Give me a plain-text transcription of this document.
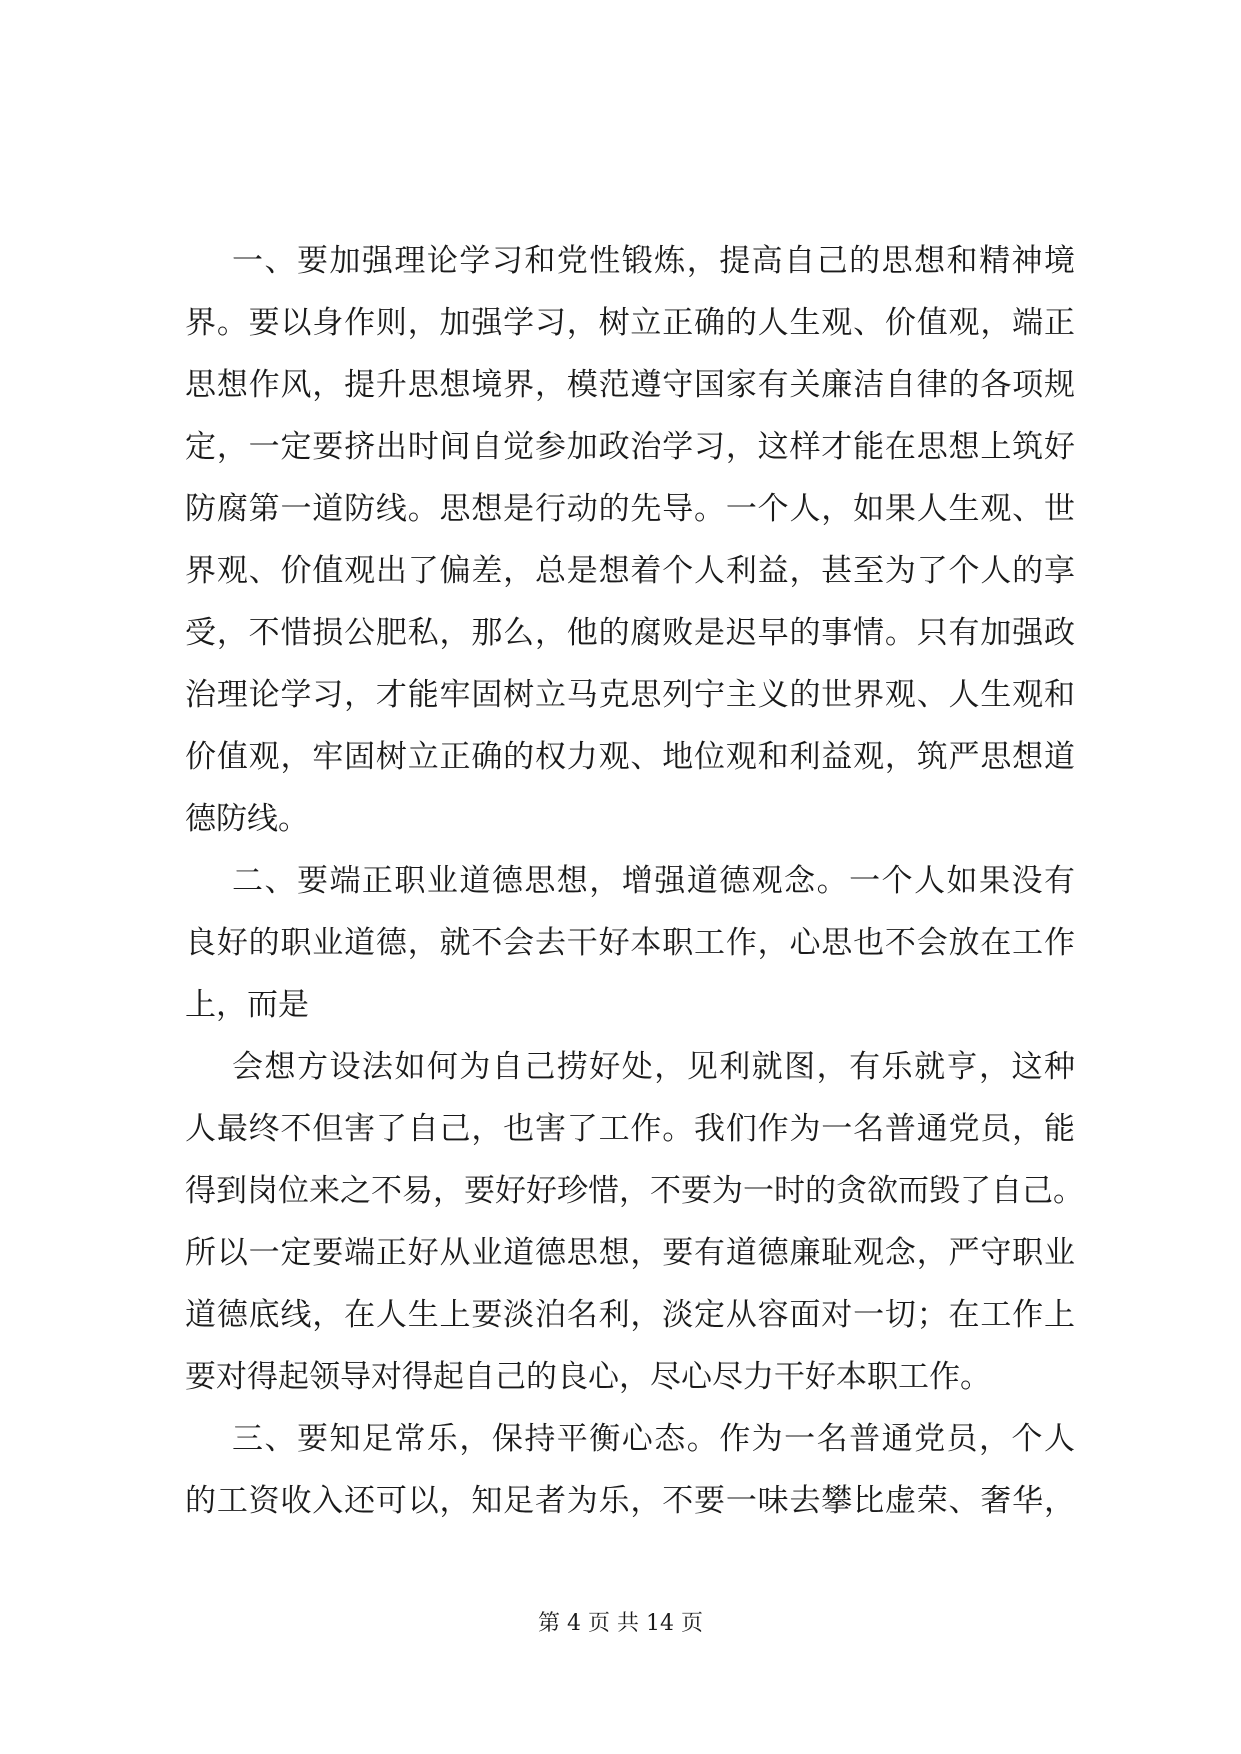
一、要加强理论学习和党性锻炼，提高自己的思想和精神境
界。要以身作则，加强学习，树立正确的人生观、价值观，端正
思想作风，提升思想境界，模范遵守国家有关廉洁自律的各项规
定，一定要挤出时间自觉参加政治学习，这样才能在思想上筑好
防腐第一道防线。思想是行动的先导。一个人，如果人生观、世
界观、价值观出了偏差，总是想着个人利益，甚至为了个人的享
受，不惜损公肥私，那么，他的腐败是迟早的事情。只有加强政
治理论学习，才能牢固树立马克思列宁主义的世界观、人生观和
价值观，牢固树立正确的权力观、地位观和利益观，筑严思想道
德防线。
二、要端正职业道德思想，增强道德观念。一个人如果没有
良好的职业道德，就不会去干好本职工作，心思也不会放在工作
上，而是
会想方设法如何为自己捞好处，见利就图，有乐就亨，这种
人最终不但害了自己，也害了工作。我们作为一名普通党员，能
得到岗位来之不易，要好好珍惜，不要为一时的贪欲而毁了自己。
所以一定要端正好从业道德思想，要有道德廉耻观念，严守职业
道德底线，在人生上要淡泊名利，淡定从容面对一切；在工作上
要对得起领导对得起自己的良心，尽心尽力干好本职工作。
三、要知足常乐，保持平衡心态。作为一名普通党员，个人
的工资收入还可以，知足者为乐，不要一味去攀比虚荣、奢华，
第 4 页 共 14 页
